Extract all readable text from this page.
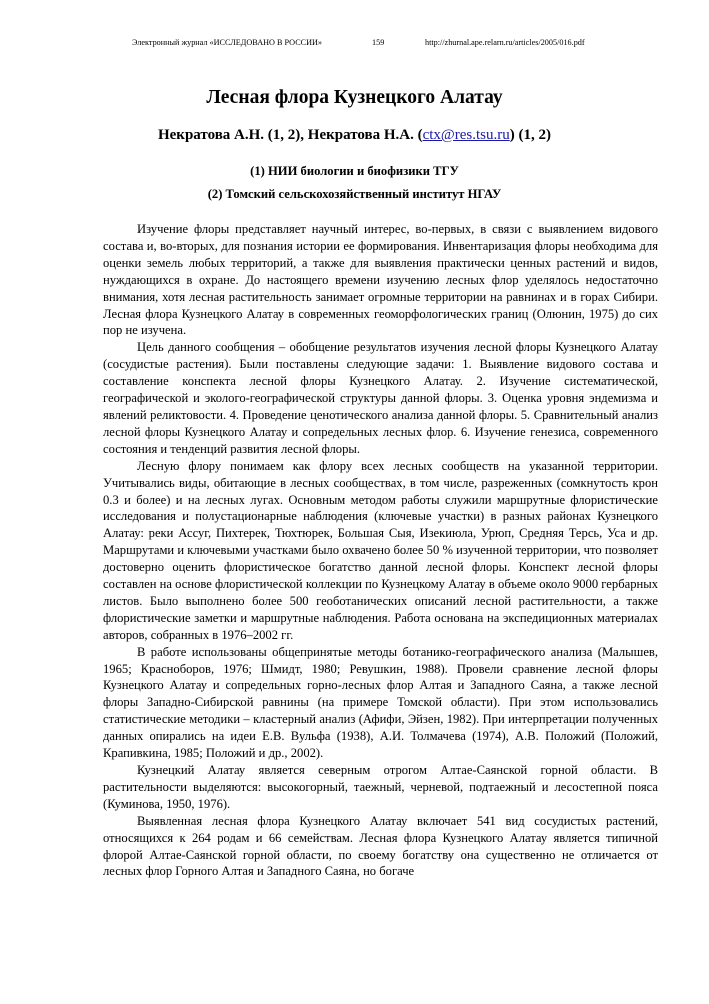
Электронный журнал «ИССЛЕДОВАНО В РОССИИ»	159	http://zhurnal.ape.relarn.ru/articles/2005/016.pdf
Лесная флора Кузнецкого Алатау
Некратова А.Н. (1, 2), Некратова Н.А. (ctx@res.tsu.ru) (1, 2)
(1) НИИ биологии и биофизики ТГУ
(2) Томский сельскохозяйственный институт НГАУ

Изучение флоры представляет научный интерес, во-первых, в связи с выявлением видового состава и, во-вторых, для познания истории ее формирования. Инвентаризация флоры необходима для оценки земель любых территорий, а также для выявления практически ценных растений и видов, нуждающихся в охране. До настоящего времени изучению лесных флор уделялось недостаточно внимания, хотя лесная растительность занимает огромные территории на равнинах и в горах Сибири. Лесная флора Кузнецкого Алатау в современных геоморфологических границ (Олюнин, 1975) до сих пор не изучена.

Цель данного сообщения – обобщение результатов изучения лесной флоры Кузнецкого Алатау (сосудистые растения). Были поставлены следующие задачи: 1. Выявление видового состава и составление конспекта лесной флоры Кузнецкого Алатау. 2. Изучение систематической, географической и эколого-географической структуры данной флоры. 3. Оценка уровня эндемизма и явлений реликтовости. 4. Проведение ценотического анализа данной флоры. 5. Сравнительный анализ лесной флоры Кузнецкого Алатау и сопредельных лесных флор. 6. Изучение генезиса, современного состояния и тенденций развития лесной флоры.

Лесную флору понимаем как флору всех лесных сообществ на указанной территории. Учитывались виды, обитающие в лесных сообществах, в том числе, разреженных (сомкнутость крон 0.3 и более) и на лесных лугах. Основным методом работы служили маршрутные флористические исследования и полустационарные наблюдения (ключевые участки) в разных районах Кузнецкого Алатау: реки Ассуг, Пихтерек, Тюхтюрек, Большая Сыя, Изекиюла, Урюп, Средняя Терсь, Уса и др. Маршрутами и ключевыми участками было охвачено более 50 % изученной территории, что позволяет достоверно оценить флористическое богатство данной лесной флоры. Конспект лесной флоры составлен на основе флористической коллекции по Кузнецкому Алатау в объеме около 9000 гербарных листов. Было выполнено более 500 геоботанических описаний лесной растительности, а также флористические заметки и маршрутные наблюдения. Работа основана на экспедиционных материалах авторов, собранных в 1976–2002 гг.

В работе использованы общепринятые методы ботанико-географического анализа (Малышев, 1965; Красноборов, 1976; Шмидт, 1980; Ревушкин, 1988). Провели сравнение лесной флоры Кузнецкого Алатау и сопредельных горно-лесных флор Алтая и Западного Саяна, а также лесной флоры Западно-Сибирской равнины (на примере Томской области). При этом использовались статистические методики – кластерный анализ (Афифи, Эйзен, 1982). При интерпретации полученных данных опирались на идеи Е.В. Вульфа (1938), А.И. Толмачева (1974), А.В. Положий (Положий, Крапивкина, 1985; Положий и др., 2002).

Кузнецкий Алатау является северным отрогом Алтае-Саянской горной области. В растительности выделяются: высокогорный, таежный, черневой, подтаежный и лесостепной пояса (Куминова, 1950, 1976).

Выявленная лесная флора Кузнецкого Алатау включает 541 вид сосудистых растений, относящихся к 264 родам и 66 семействам. Лесная флора Кузнецкого Алатау является типичной флорой Алтае-Саянской горной области, по своему богатству она существенно не отличается от лесных флор Горного Алтая и Западного Саяна, но богаче
